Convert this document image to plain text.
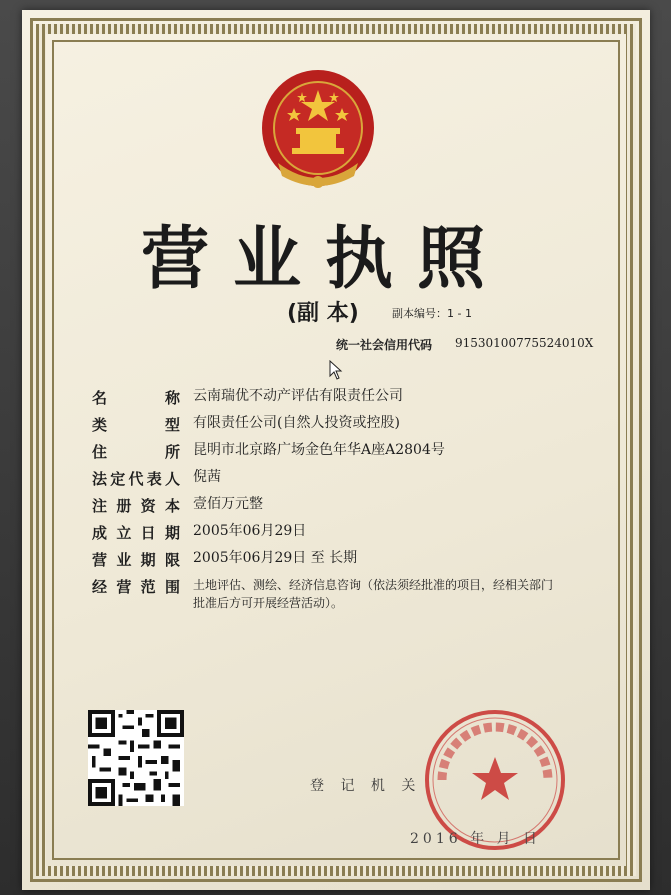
营业执照
(副 本)	副本编号：1 - 1
统一社会信用代码 91530100775524010X
名	称 云南瑞优不动产评估有限责任公司
类	型 有限责任公司(自然人投资或控股)
住	所 昆明市北京路广场金色年华A座A2804号
法 定 代 表 人 倪茜
注 册 资 本 壹佰万元整
成 立 日 期 2005年06月29日
营 业 期 限 2005年06月29日 至 长期
经 营 范 围 土地评估、测绘、经济信息咨询（依法须经批准的项目，经相关部门批准后方可开展经营活动）。
登 记 机 关
2016 年 月 日
